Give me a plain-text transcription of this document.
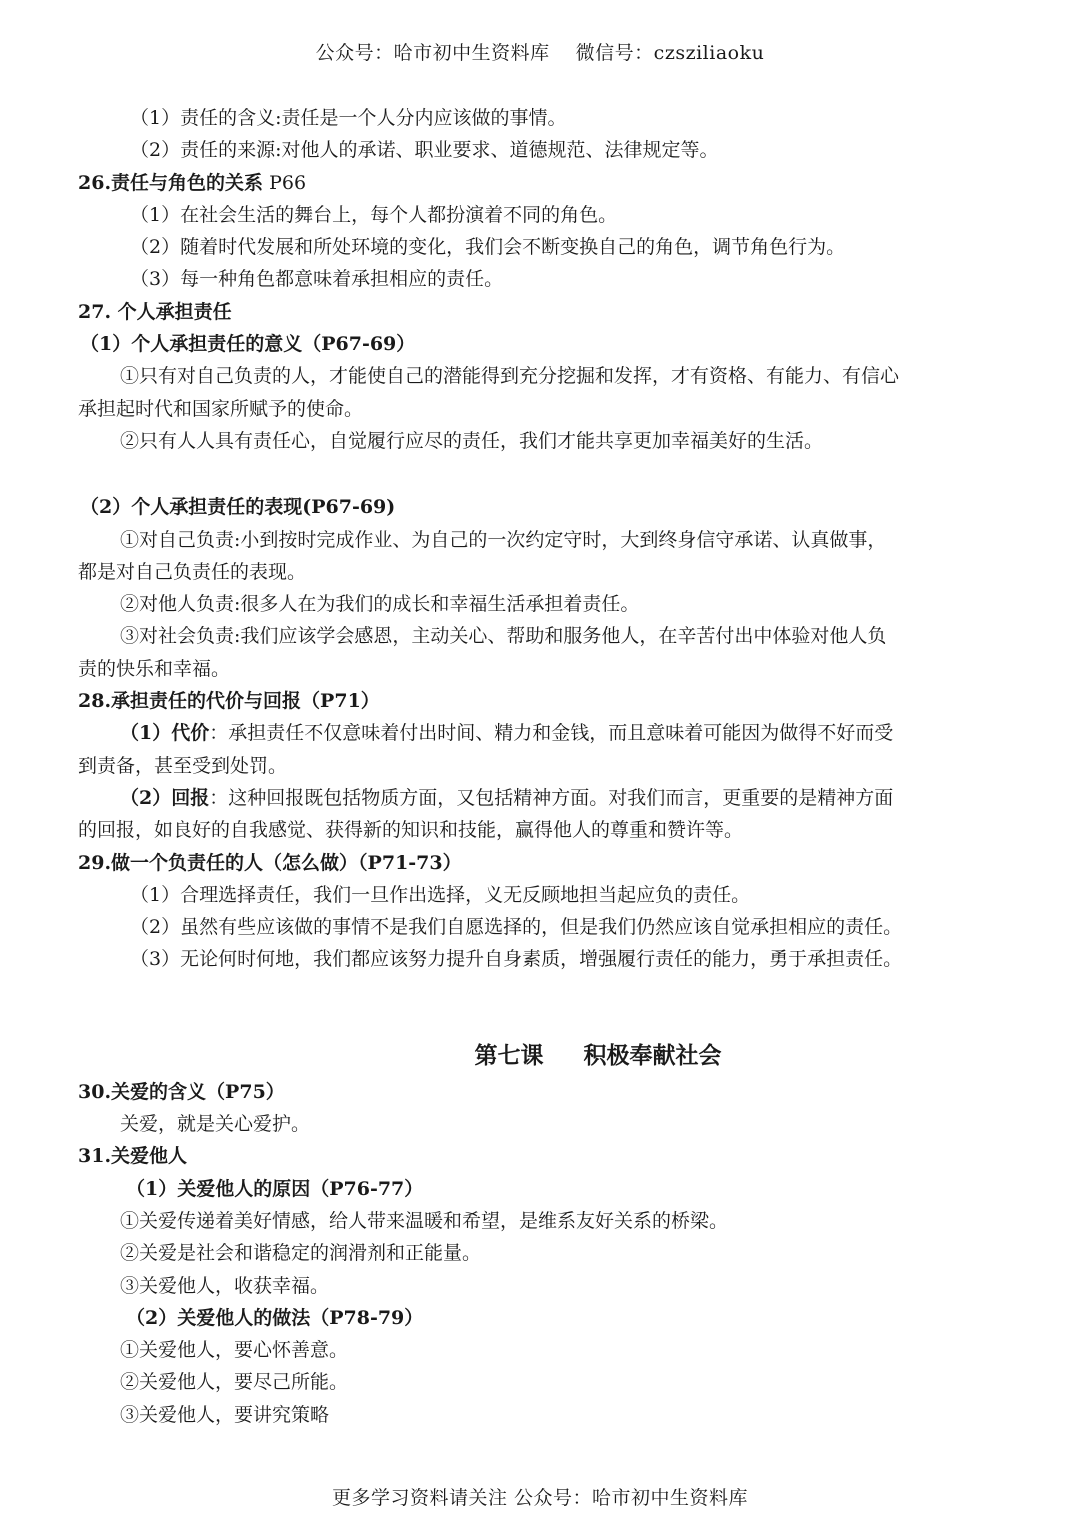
公众号：哈市初中生资料库　 微信号：czsziliaoku
（1）责任的含义:责任是一个人分内应该做的事情。
（2）责任的来源:对他人的承诺、职业要求、道德规范、法律规定等。
26.责任与角色的关系 P66
（1）在社会生活的舞台上，每个人都扮演着不同的角色。
（2）随着时代发展和所处环境的变化，我们会不断变换自己的角色，调节角色行为。
（3）每一种角色都意味着承担相应的责任。
27. 个人承担责任
（1）个人承担责任的意义（P67-69）
①只有对自己负责的人，才能使自己的潜能得到充分挖掘和发挥，才有资格、有能力、有信心
承担起时代和国家所赋予的使命。
②只有人人具有责任心，自觉履行应尽的责任，我们才能共享更加幸福美好的生活。
（2）个人承担责任的表现(P67-69)
①对自己负责:小到按时完成作业、为自己的一次约定守时，大到终身信守承诺、认真做事，
都是对自己负责任的表现。
②对他人负责:很多人在为我们的成长和幸福生活承担着责任。
③对社会负责:我们应该学会感恩，主动关心、帮助和服务他人，在辛苦付出中体验对他人负
责的快乐和幸福。
28.承担责任的代价与回报（P71）
（1）代价：承担责任不仅意味着付出时间、精力和金钱，而且意味着可能因为做得不好而受
到责备，甚至受到处罚。
（2）回报：这种回报既包括物质方面，又包括精神方面。对我们而言，更重要的是精神方面
的回报，如良好的自我感觉、获得新的知识和技能，赢得他人的尊重和赞许等。
29.做一个负责任的人（怎么做）（P71-73）
（1）合理选择责任，我们一旦作出选择，义无反顾地担当起应负的责任。
（2）虽然有些应该做的事情不是我们自愿选择的，但是我们仍然应该自觉承担相应的责任。
（3）无论何时何地，我们都应该努力提升自身素质，增强履行责任的能力，勇于承担责任。
第七课 积极奉献社会
30.关爱的含义（P75）
关爱，就是关心爱护。
31.关爱他人
（1）关爱他人的原因（P76-77）
①关爱传递着美好情感，给人带来温暖和希望，是维系友好关系的桥梁。
②关爱是社会和谐稳定的润滑剂和正能量。
③关爱他人，收获幸福。
（2）关爱他人的做法（P78-79）
①关爱他人，要心怀善意。
②关爱他人，要尽己所能。
③关爱他人，要讲究策略
更多学习资料请关注 公众号：哈市初中生资料库
